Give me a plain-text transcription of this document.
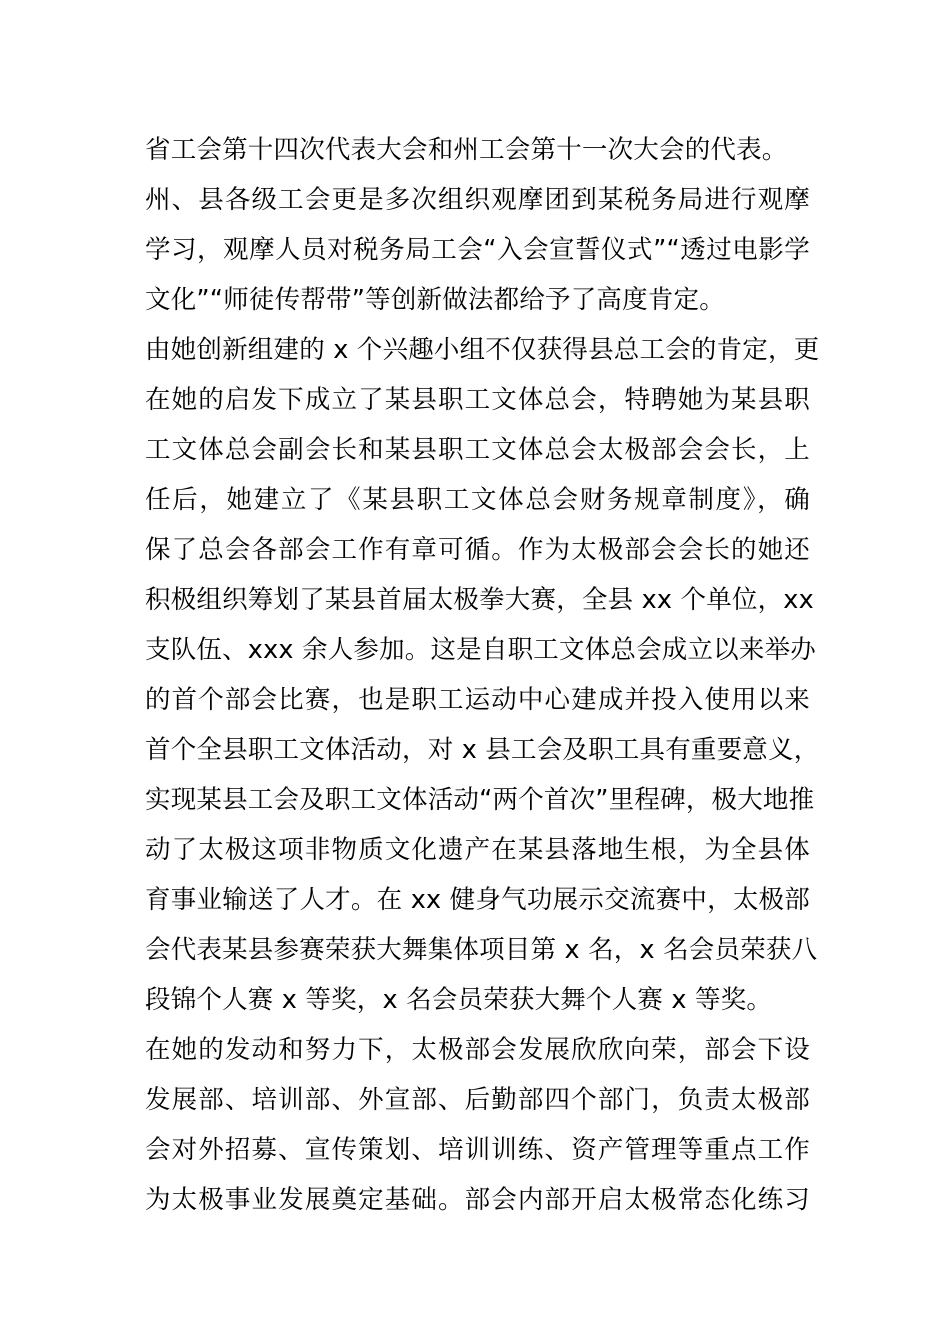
省工会第十四次代表大会和州工会第十一次大会的代表。
州、县各级工会更是多次组织观摩团到某税务局进行观摩
学习，观摩人员对税务局工会“入会宣誓仪式”“透过电影学
文化”“师徒传帮带”等创新做法都给予了高度肯定。
由她创新组建的 x 个兴趣小组不仅获得县总工会的肯定，更
在她的启发下成立了某县职工文体总会，特聘她为某县职
工文体总会副会长和某县职工文体总会太极部会会长，上
任后，她建立了《某县职工文体总会财务规章制度》，确
保了总会各部会工作有章可循。作为太极部会会长的她还
积极组织筹划了某县首届太极拳大赛，全县 xx 个单位，xx
支队伍、xxx 余人参加。这是自职工文体总会成立以来举办
的首个部会比赛，也是职工运动中心建成并投入使用以来
首个全县职工文体活动，对 x 县工会及职工具有重要意义，
实现某县工会及职工文体活动“两个首次”里程碑，极大地推
动了太极这项非物质文化遗产在某县落地生根，为全县体
育事业输送了人才。在 xx 健身气功展示交流赛中，太极部
会代表某县参赛荣获大舞集体项目第 x 名，x 名会员荣获八
段锦个人赛 x 等奖，x 名会员荣获大舞个人赛 x 等奖。
在她的发动和努力下，太极部会发展欣欣向荣，部会下设
发展部、培训部、外宣部、后勤部四个部门，负责太极部
会对外招募、宣传策划、培训训练、资产管理等重点工作
为太极事业发展奠定基础。部会内部开启太极常态化练习
